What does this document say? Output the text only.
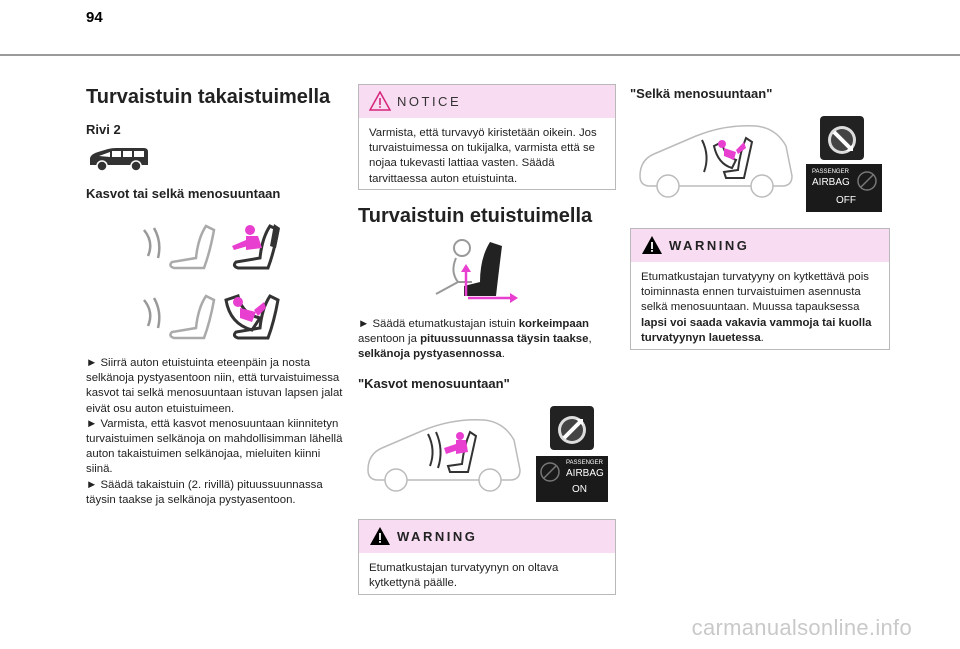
94
Turvaistuin takaistuimella
Rivi 2
Kasvot tai selkä menosuuntaan
► Siirrä auton etuistuinta eteenpäin ja nosta selkänoja pystyasentoon niin, että turvaistuimessa kasvot tai selkä menosuuntaan istuvan lapsen jalat eivät osu auton etuistuimeen.
► Varmista, että kasvot menosuuntaan kiinnitetyn turvaistuimen selkänoja on mahdollisimman lähellä auton takaistuimen selkänojaa, mieluiten kiinni siinä.
► Säädä takaistuin (2. rivillä) pituussuunnassa täysin taakse ja selkänoja pystyasentoon.
NOTICE
Varmista, että turvavyö kiristetään oikein. Jos turvaistuimessa on tukijalka, varmista että se nojaa tukevasti lattiaa vasten. Säädä tarvittaessa auton etuistuinta.
Turvaistuin etuistuimella
► Säädä etumatkustajan istuin korkeimpaan asentoon ja pituussuunnassa täysin taakse, selkänoja pystyasennossa.
"Kasvot menosuuntaan"
PASSENGER
AIRBAG
ON
WARNING
Etumatkustajan turvatyynyn on oltava kytkettynä päälle.
"Selkä menosuuntaan"
PASSENGER
AIRBAG
OFF
WARNING
Etumatkustajan turvatyyny on kytkettävä pois toiminnasta ennen turvaistuimen asennusta selkä menosuuntaan. Muussa tapauksessa lapsi voi saada vakavia vammoja tai kuolla turvatyynyn lauetessa.
carmanualsonline.info
